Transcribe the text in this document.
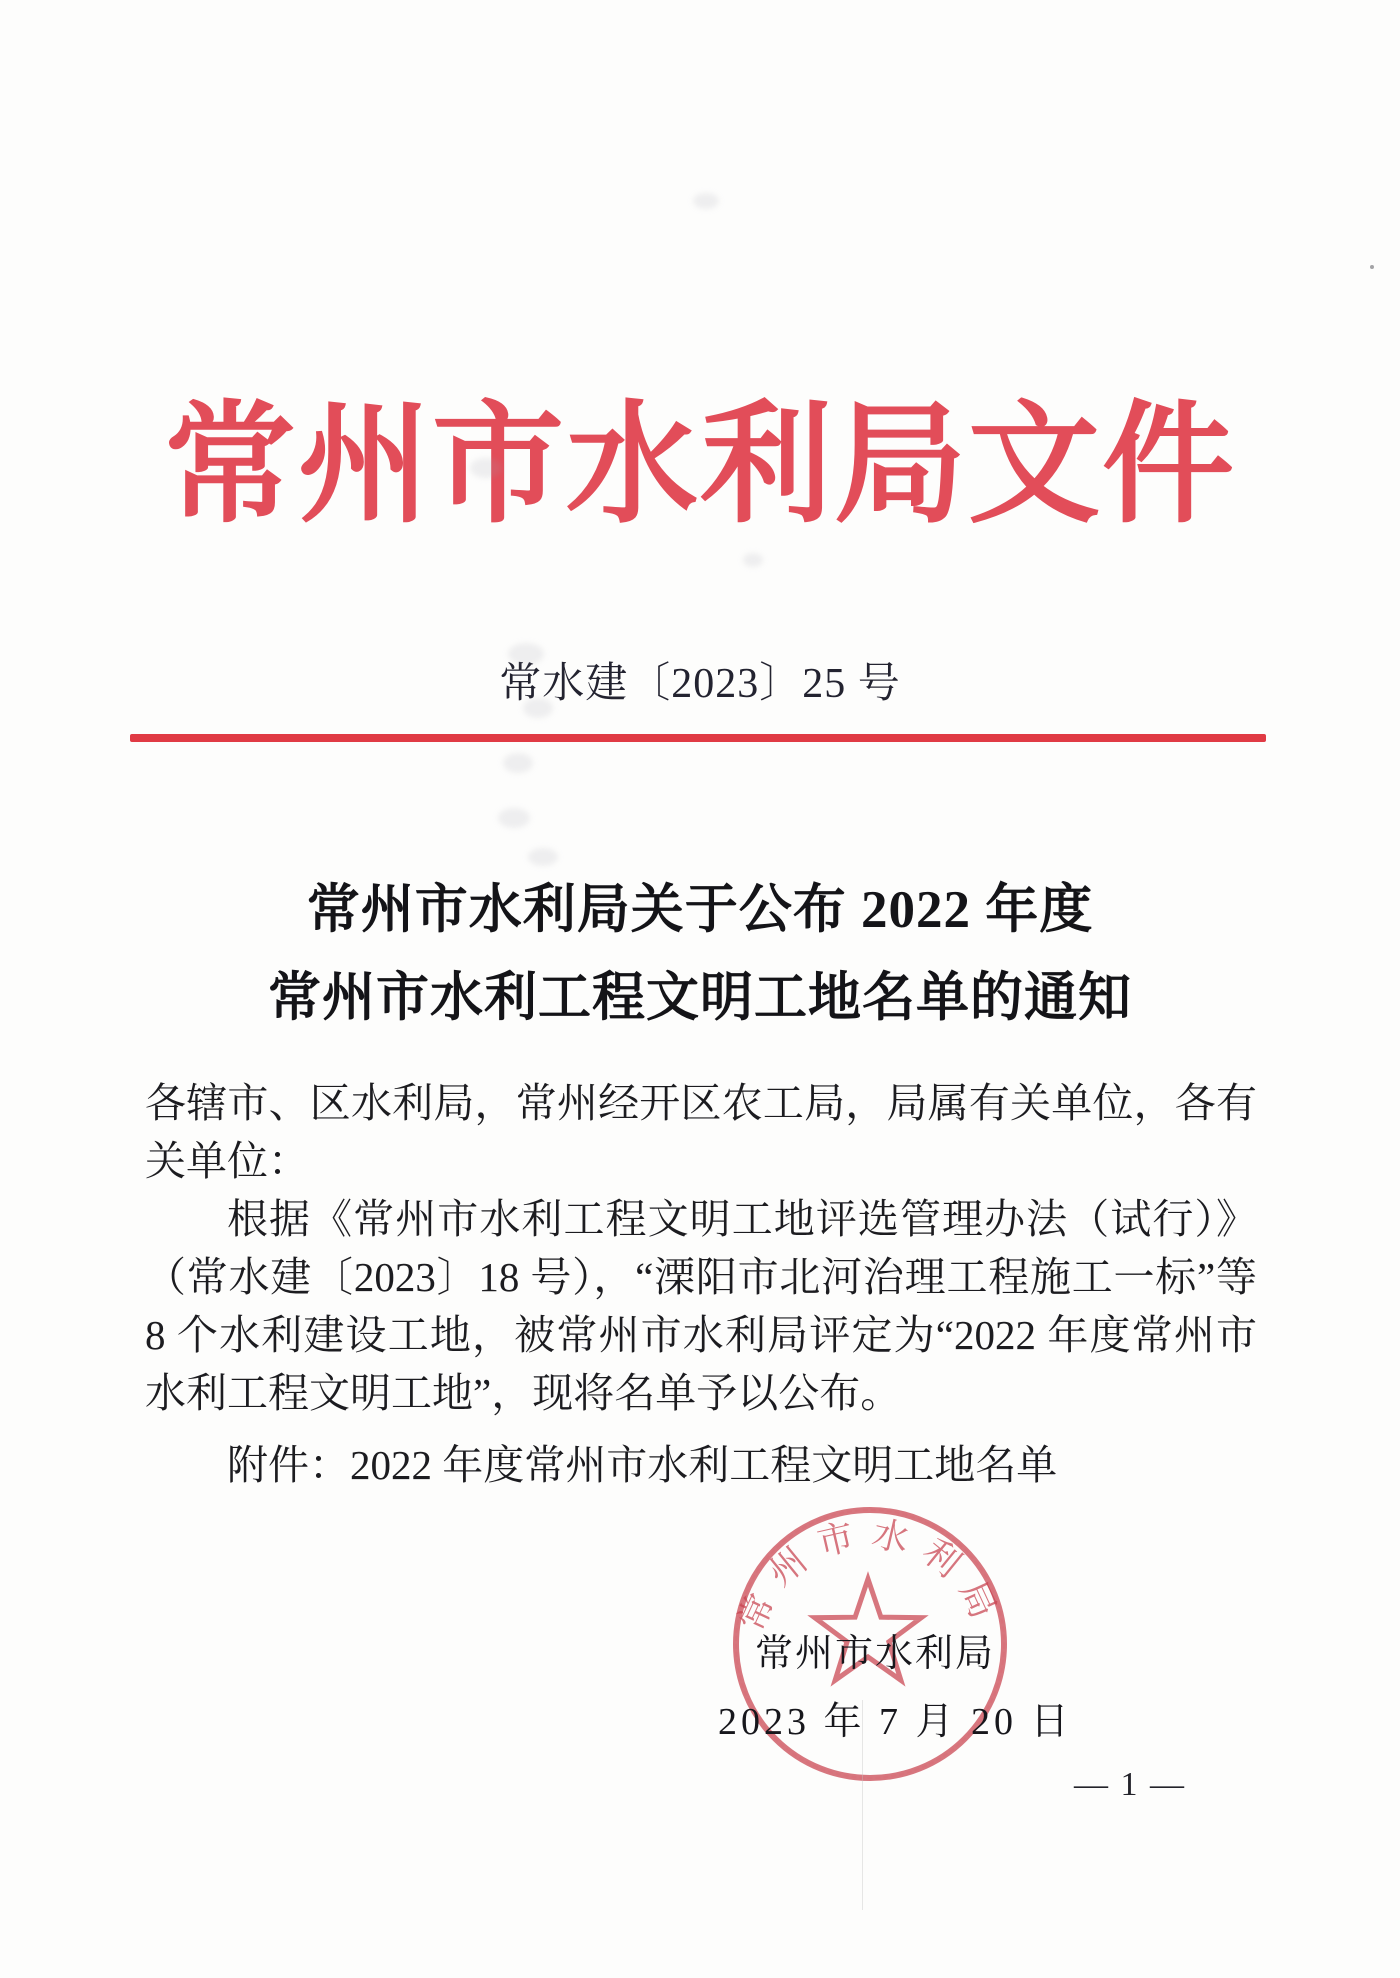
常州市水利局文件
常水建〔2023〕25 号
常州市水利局关于公布 2022 年度
常州市水利工程文明工地名单的通知

各辖市、区水利局，常州经开区农工局，局属有关单位，各有关单位：

根据《常州市水利工程文明工地评选管理办法（试行）》（常水建〔2023〕18 号），“溧阳市北河治理工程施工一标”等 8 个水利建设工地，被常州市水利局评定为“2022 年度常州市水利工程文明工地”，现将名单予以公布。

附件：2022 年度常州市水利工程文明工地名单

常州市水利局
常州市水利局
2023 年 7 月 20 日
— 1 —
